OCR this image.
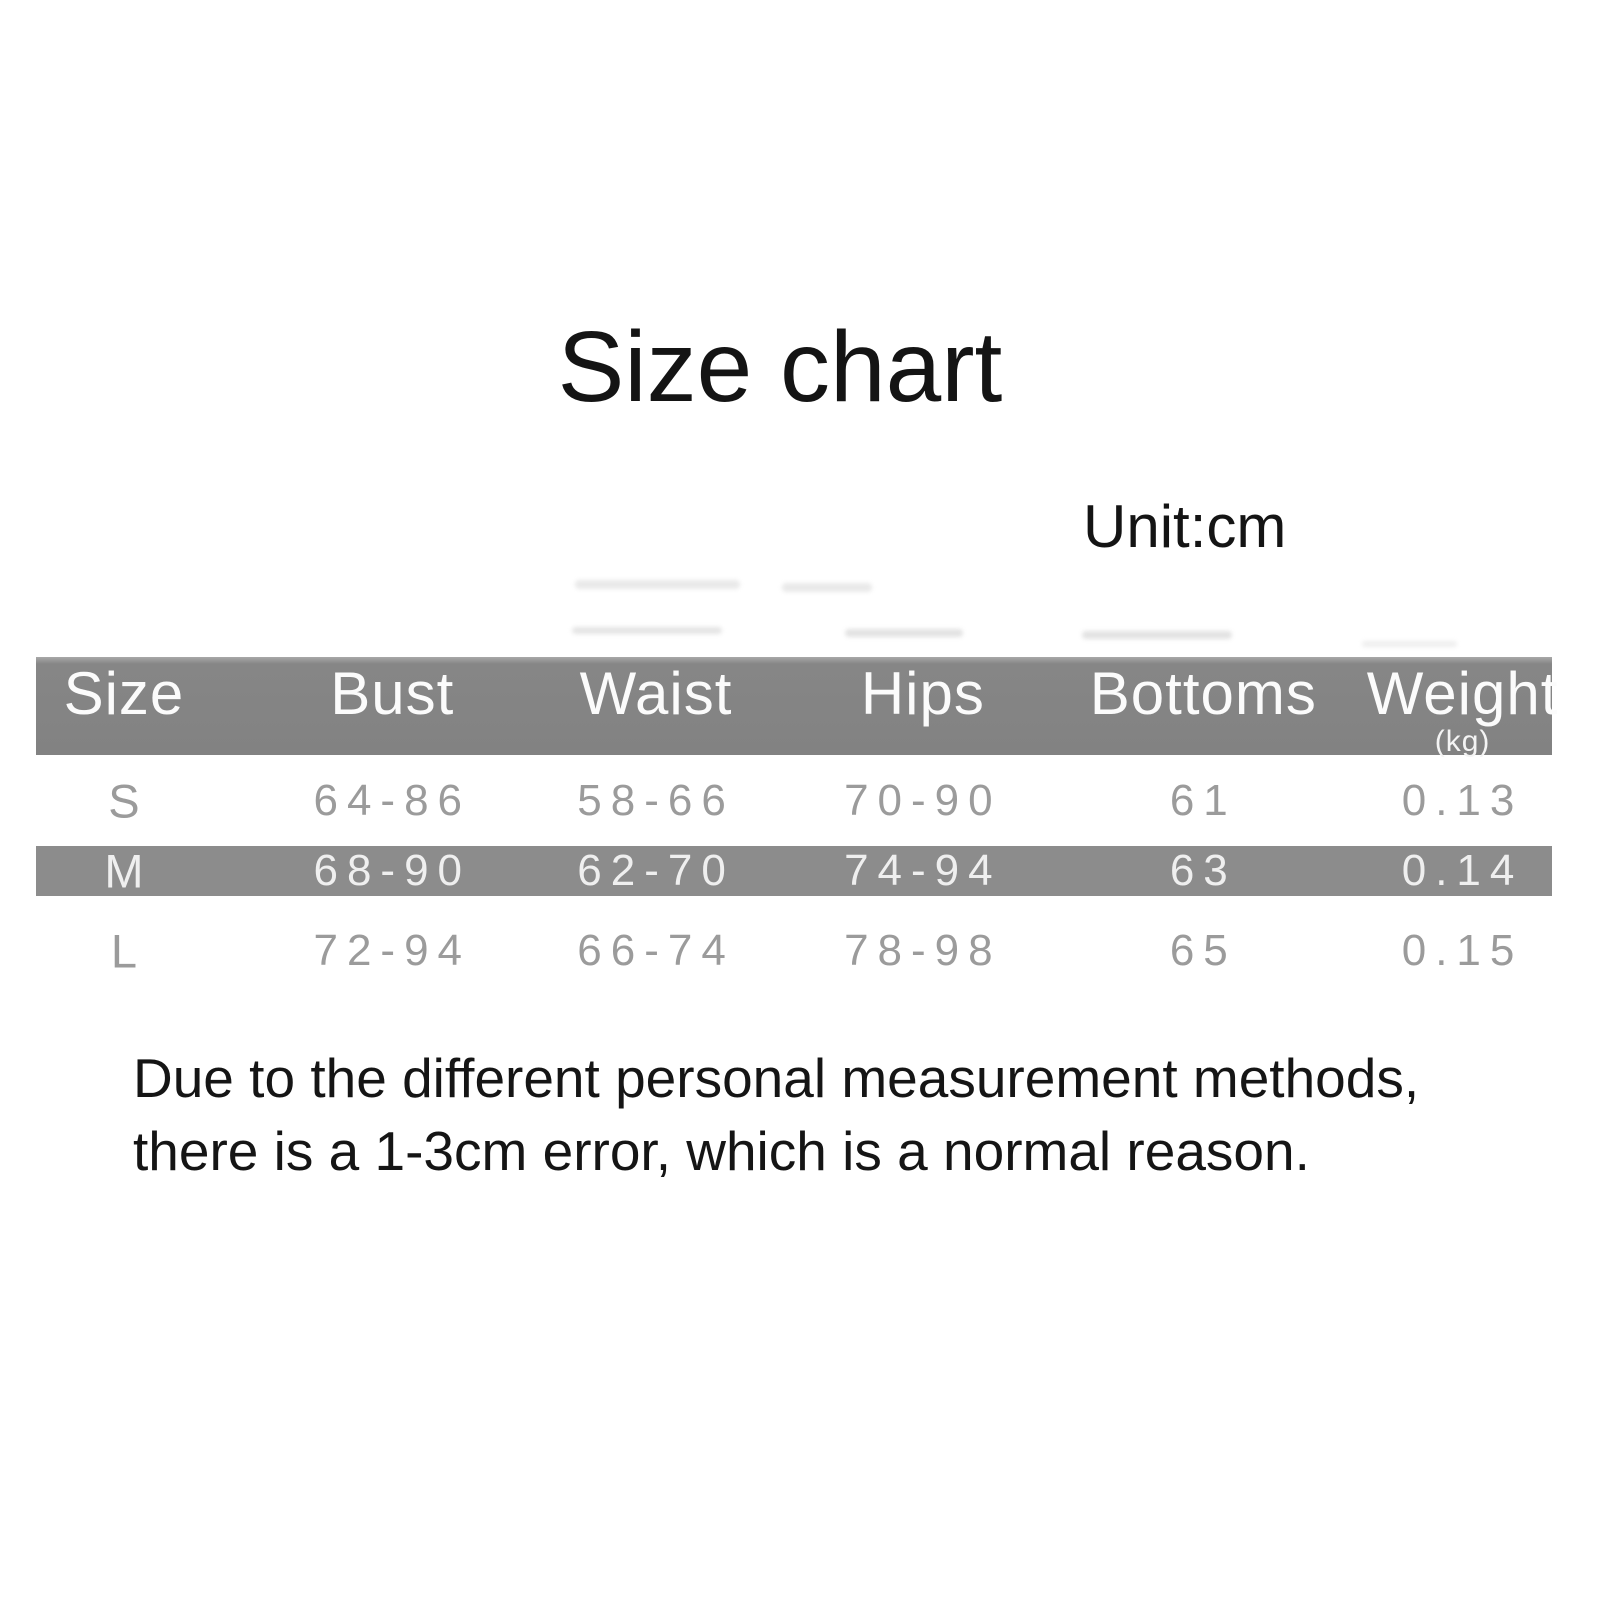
Size chart
Unit:cm
Size Bust Waist Hips Bottoms Weight
(kg)
S	64-86 58-66 70-90	61	0.13
M	68-90 62-70 74-94	63	0.14
L	72-94 66-74 78-98	65	0.15

Due to the different personal measurement methods,
there is a 1-3cm error, which is a normal reason.
